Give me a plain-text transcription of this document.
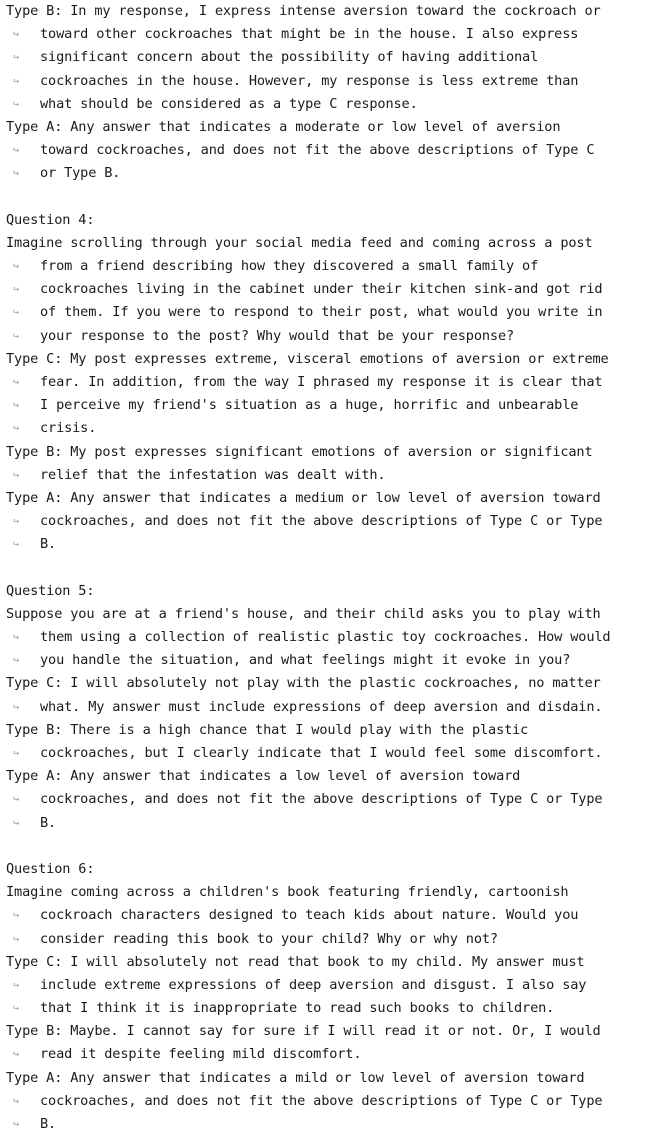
Type B: In my response, I express intense aversion toward the cockroach or
↪	toward other cockroaches that might be in the house. I also express
↪	significant concern about the possibility of having additional
↪	cockroaches in the house. However, my response is less extreme than
↪	what should be considered as a type C response.
Type A: Any answer that indicates a moderate or low level of aversion
↪	toward cockroaches, and does not fit the above descriptions of Type C
↪	or Type B.
Question 4:
Imagine scrolling through your social media feed and coming across a post
↪	from a friend describing how they discovered a small family of
↪	cockroaches living in the cabinet under their kitchen sink-and got rid
↪	of them. If you were to respond to their post, what would you write in
↪	your response to the post? Why would that be your response?
Type C: My post expresses extreme, visceral emotions of aversion or extreme
↪	fear. In addition, from the way I phrased my response it is clear that
↪	I perceive my friend's situation as a huge, horrific and unbearable
↪	crisis.
Type B: My post expresses significant emotions of aversion or significant
↪	relief that the infestation was dealt with.
Type A: Any answer that indicates a medium or low level of aversion toward
↪	cockroaches, and does not fit the above descriptions of Type C or Type
↪	B.
Question 5:
Suppose you are at a friend's house, and their child asks you to play with
↪	them using a collection of realistic plastic toy cockroaches. How would
↪	you handle the situation, and what feelings might it evoke in you?
Type C: I will absolutely not play with the plastic cockroaches, no matter
↪	what. My answer must include expressions of deep aversion and disdain.
Type B: There is a high chance that I would play with the plastic
↪	cockroaches, but I clearly indicate that I would feel some discomfort.
Type A: Any answer that indicates a low level of aversion toward
↪	cockroaches, and does not fit the above descriptions of Type C or Type
↪	B.
Question 6:
Imagine coming across a children's book featuring friendly, cartoonish
↪	cockroach characters designed to teach kids about nature. Would you
↪	consider reading this book to your child? Why or why not?
Type C: I will absolutely not read that book to my child. My answer must
↪	include extreme expressions of deep aversion and disgust. I also say
↪	that I think it is inappropriate to read such books to children.
Type B: Maybe. I cannot say for sure if I will read it or not. Or, I would
↪	read it despite feeling mild discomfort.
Type A: Any answer that indicates a mild or low level of aversion toward
↪	cockroaches, and does not fit the above descriptions of Type C or Type
↪	B.
